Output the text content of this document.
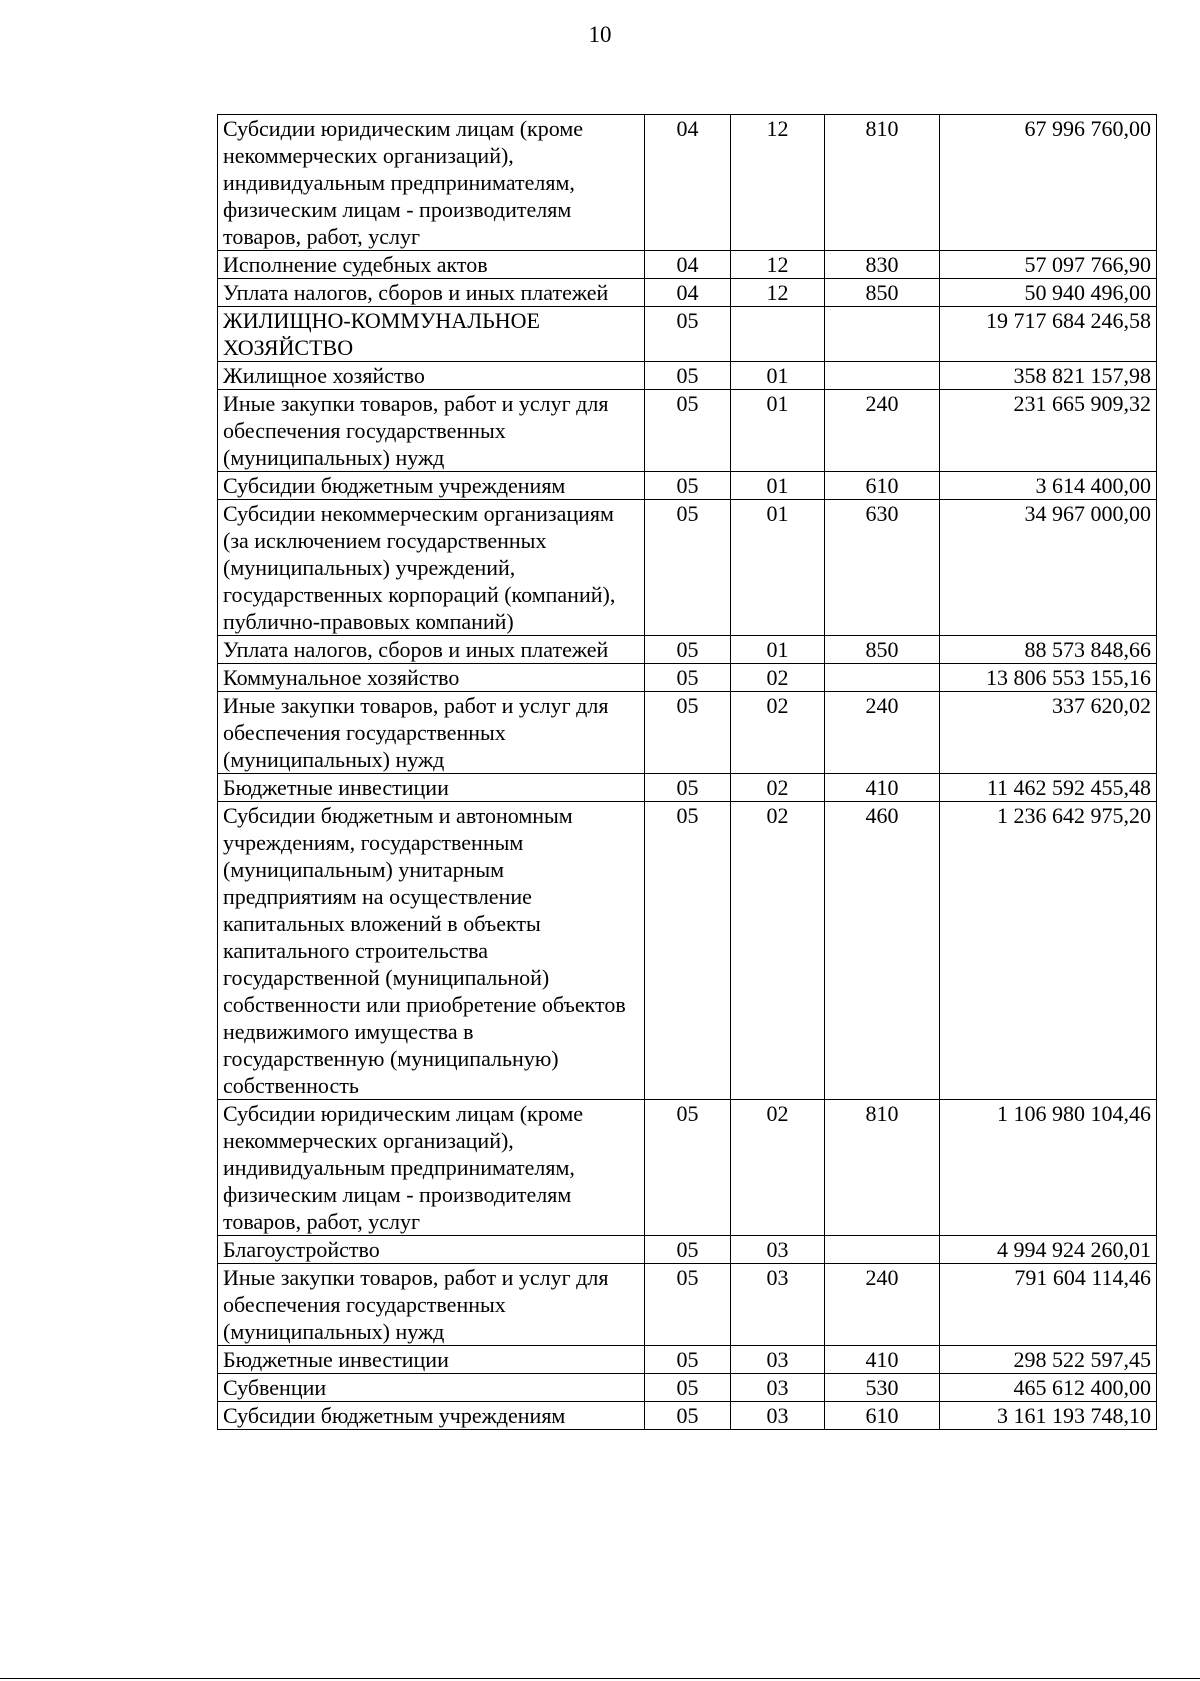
10
Субсидии юридическим лицам (кроме некоммерческих организаций), индивидуальным предпринимателям, физическим лицам - производителям товаров, работ, услуг	04	12	810	67 996 760,00
Исполнение судебных актов	04	12	830	57 097 766,90
Уплата налогов, сборов и иных платежей	04	12	850	50 940 496,00
ЖИЛИЩНО-КОММУНАЛЬНОЕ ХОЗЯЙСТВО	05			19 717 684 246,58
Жилищное хозяйство	05	01		358 821 157,98
Иные закупки товаров, работ и услуг для обеспечения государственных (муниципальных) нужд	05	01	240	231 665 909,32
Субсидии бюджетным учреждениям	05	01	610	3 614 400,00
Субсидии некоммерческим организациям (за исключением государственных (муниципальных) учреждений, государственных корпораций (компаний), публично-правовых компаний)	05	01	630	34 967 000,00
Уплата налогов, сборов и иных платежей	05	01	850	88 573 848,66
Коммунальное хозяйство	05	02		13 806 553 155,16
Иные закупки товаров, работ и услуг для обеспечения государственных (муниципальных) нужд	05	02	240	337 620,02
Бюджетные инвестиции	05	02	410	11 462 592 455,48
Субсидии бюджетным и автономным учреждениям, государственным (муниципальным) унитарным предприятиям на осуществление капитальных вложений в объекты капитального строительства государственной (муниципальной) собственности или приобретение объектов недвижимого имущества в государственную (муниципальную) собственность	05	02	460	1 236 642 975,20
Субсидии юридическим лицам (кроме некоммерческих организаций), индивидуальным предпринимателям, физическим лицам - производителям товаров, работ, услуг	05	02	810	1 106 980 104,46
Благоустройство	05	03		4 994 924 260,01
Иные закупки товаров, работ и услуг для обеспечения государственных (муниципальных) нужд	05	03	240	791 604 114,46
Бюджетные инвестиции	05	03	410	298 522 597,45
Субвенции	05	03	530	465 612 400,00
Субсидии бюджетным учреждениям	05	03	610	3 161 193 748,10
